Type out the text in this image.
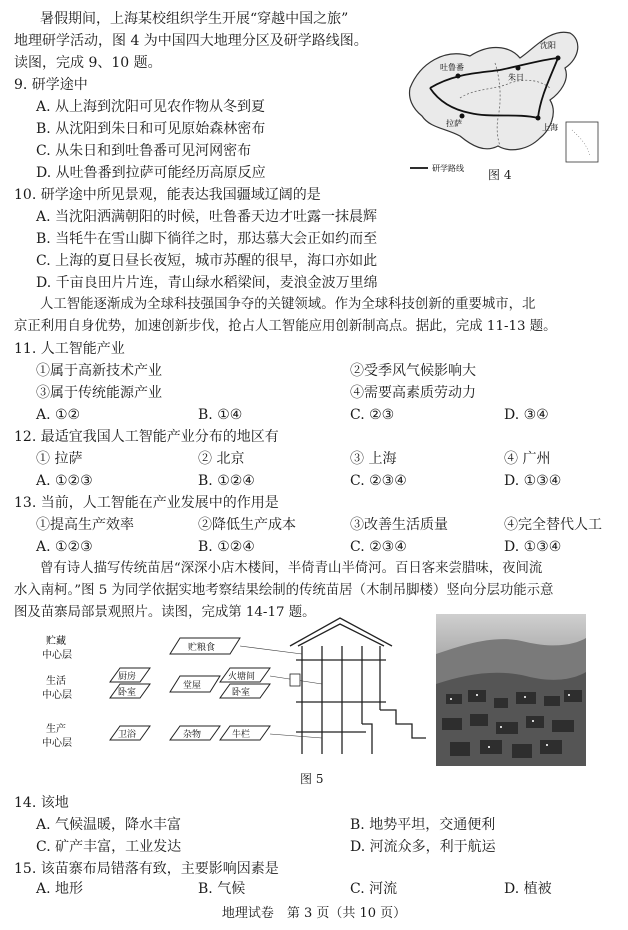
暑假期间，上海某校组织学生开展“穿越中国之旅”
地理研学活动，图 4 为中国四大地理分区及研学路线图。
读图，完成 9、10 题。
沈阳
上海
吐鲁番
拉萨
朱日
研学路线 图 4
9. 研学途中
A. 从上海到沈阳可见农作物从冬到夏
B. 从沈阳到朱日和可见原始森林密布
C. 从朱日和到吐鲁番可见河网密布
D. 从吐鲁番到拉萨可能经历高原反应
10. 研学途中所见景观，能表达我国疆域辽阔的是
A. 当沈阳洒满朝阳的时候，吐鲁番天边才吐露一抹晨辉
B. 当牦牛在雪山脚下徜徉之时，那达慕大会正如约而至
C. 上海的夏日昼长夜短，城市苏醒的很早，海口亦如此
D. 千亩良田片片连，青山绿水稻梁间，麦浪金波万里绵
人工智能逐渐成为全球科技强国争夺的关键领域。作为全球科技创新的重要城市，北
京正利用自身优势，加速创新步伐，抢占人工智能应用创新制高点。据此，完成 11-13 题。
11. 人工智能产业
①属于高新技术产业	②受季风气候影响大
③属于传统能源产业	④需要高素质劳动力
A. ①②	B. ①④	C. ②③	D. ③④
12. 最适宜我国人工智能产业分布的地区有
① 拉萨	② 北京	③ 上海	④ 广州
A. ①②③	B. ①②④	C. ②③④	D. ①③④
13. 当前，人工智能在产业发展中的作用是
①提高生产效率	②降低生产成本	③改善生活质量	④完全替代人工
A. ①②③	B. ①②④	C. ②③④	D. ①③④
曾有诗人描写传统苗居“深深小店木楼间，半倚青山半倚河。百日客来尝腊味，夜间流
水入南柯。”图 5 为同学依据实地考察结果绘制的传统苗居（木制吊脚楼）竖向分层功能示意
图及苗寨局部景观照片。读图，完成第 14-17 题。
贮藏
中心层
生活
中心层
生产
中心层
贮粮食
厨房
堂屋
火塘间
卧室	卧室
卫浴	杂物	牛栏
图 5
14. 该地
A. 气候温暖，降水丰富	B. 地势平坦，交通便利
C. 矿产丰富，工业发达	D. 河流众多，利于航运
15. 该苗寨布局错落有致，主要影响因素是
A. 地形	B. 气候	C. 河流	D. 植被
地理试卷　第 3 页（共 10 页）
